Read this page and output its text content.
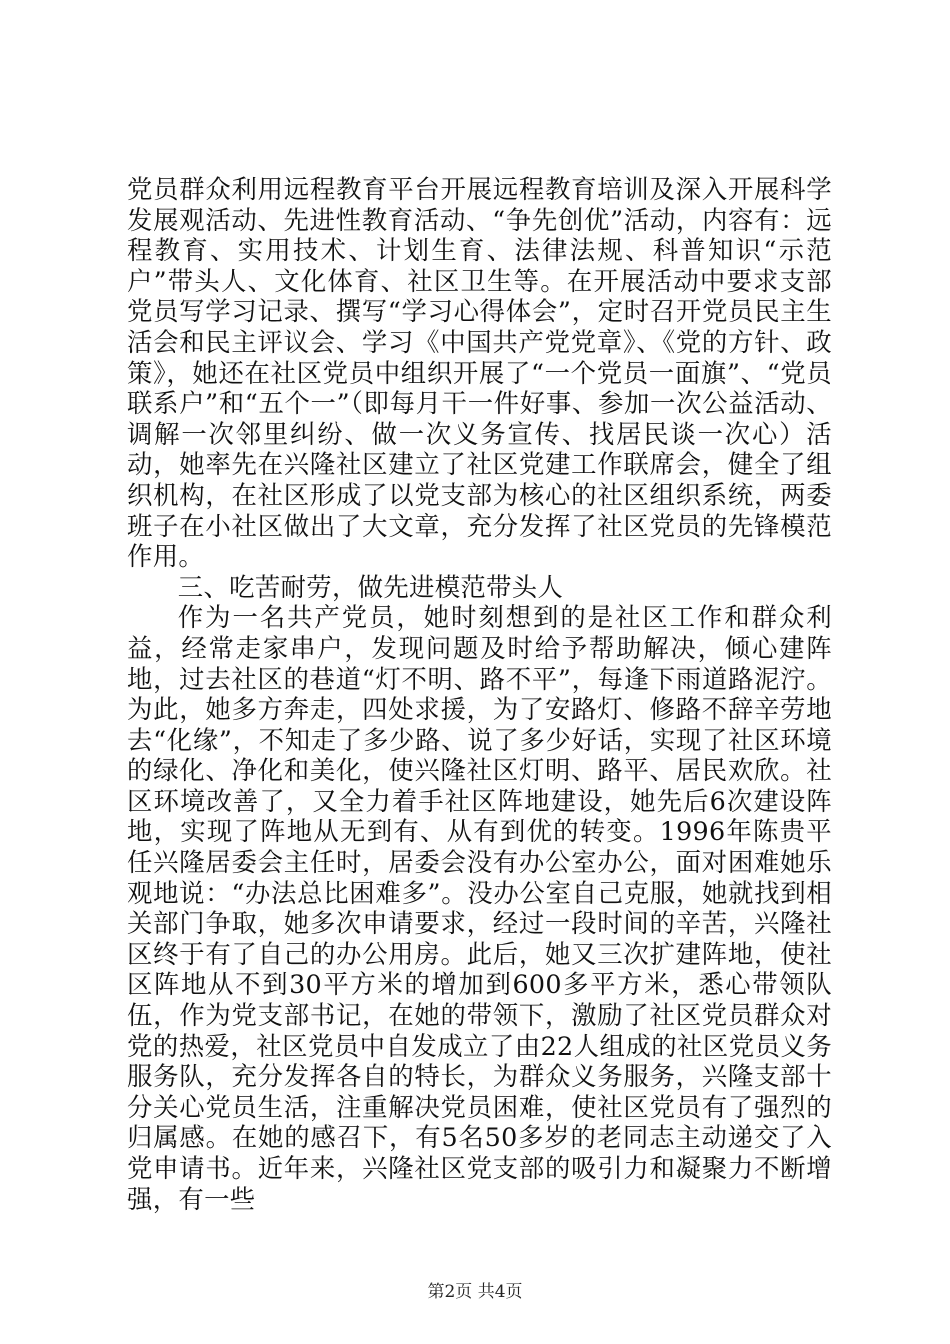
党员群众利用远程教育平台开展远程教育培训及深入开展科学发展观活动、先进性教育活动、“争先创优”活动，内容有：远程教育、实用技术、计划生育、法律法规、科普知识“示范户”带头人、文化体育、社区卫生等。在开展活动中要求支部党员写学习记录、撰写“学习心得体会”，定时召开党员民主生活会和民主评议会、学习《中国共产党党章》、《党的方针、政策》，她还在社区党员中组织开展了“一个党员一面旗”、“党员联系户”和“五个一”（即每月干一件好事、参加一次公益活动、调解一次邻里纠纷、做一次义务宣传、找居民谈一次心）活动，她率先在兴隆社区建立了社区党建工作联席会，健全了组织机构，在社区形成了以党支部为核心的社区组织系统，两委班子在小社区做出了大文章，充分发挥了社区党员的先锋模范作用。

三、吃苦耐劳，做先进模范带头人

作为一名共产党员，她时刻想到的是社区工作和群众利益，经常走家串户，发现问题及时给予帮助解决，倾心建阵地，过去社区的巷道“灯不明、路不平”，每逢下雨道路泥泞。为此，她多方奔走，四处求援，为了安路灯、修路不辞辛劳地去“化缘”，不知走了多少路、说了多少好话，实现了社区环境的绿化、净化和美化，使兴隆社区灯明、路平、居民欢欣。社区环境改善了，又全力着手社区阵地建设，她先后6次建设阵地，实现了阵地从无到有、从有到优的转变。1996年陈贵平任兴隆居委会主任时，居委会没有办公室办公，面对困难她乐观地说：“办法总比困难多”。没办公室自己克服，她就找到相关部门争取，她多次申请要求，经过一段时间的辛苦，兴隆社区终于有了自己的办公用房。此后，她又三次扩建阵地，使社区阵地从不到30平方米的增加到600多平方米，悉心带领队伍，作为党支部书记，在她的带领下，激励了社区党员群众对党的热爱，社区党员中自发成立了由22人组成的社区党员义务服务队，充分发挥各自的特长，为群众义务服务，兴隆支部十分关心党员生活，注重解决党员困难，使社区党员有了强烈的归属感。在她的感召下，有5名50多岁的老同志主动递交了入党申请书。近年来，兴隆社区党支部的吸引力和凝聚力不断增强，有一些

第2页 共4页
